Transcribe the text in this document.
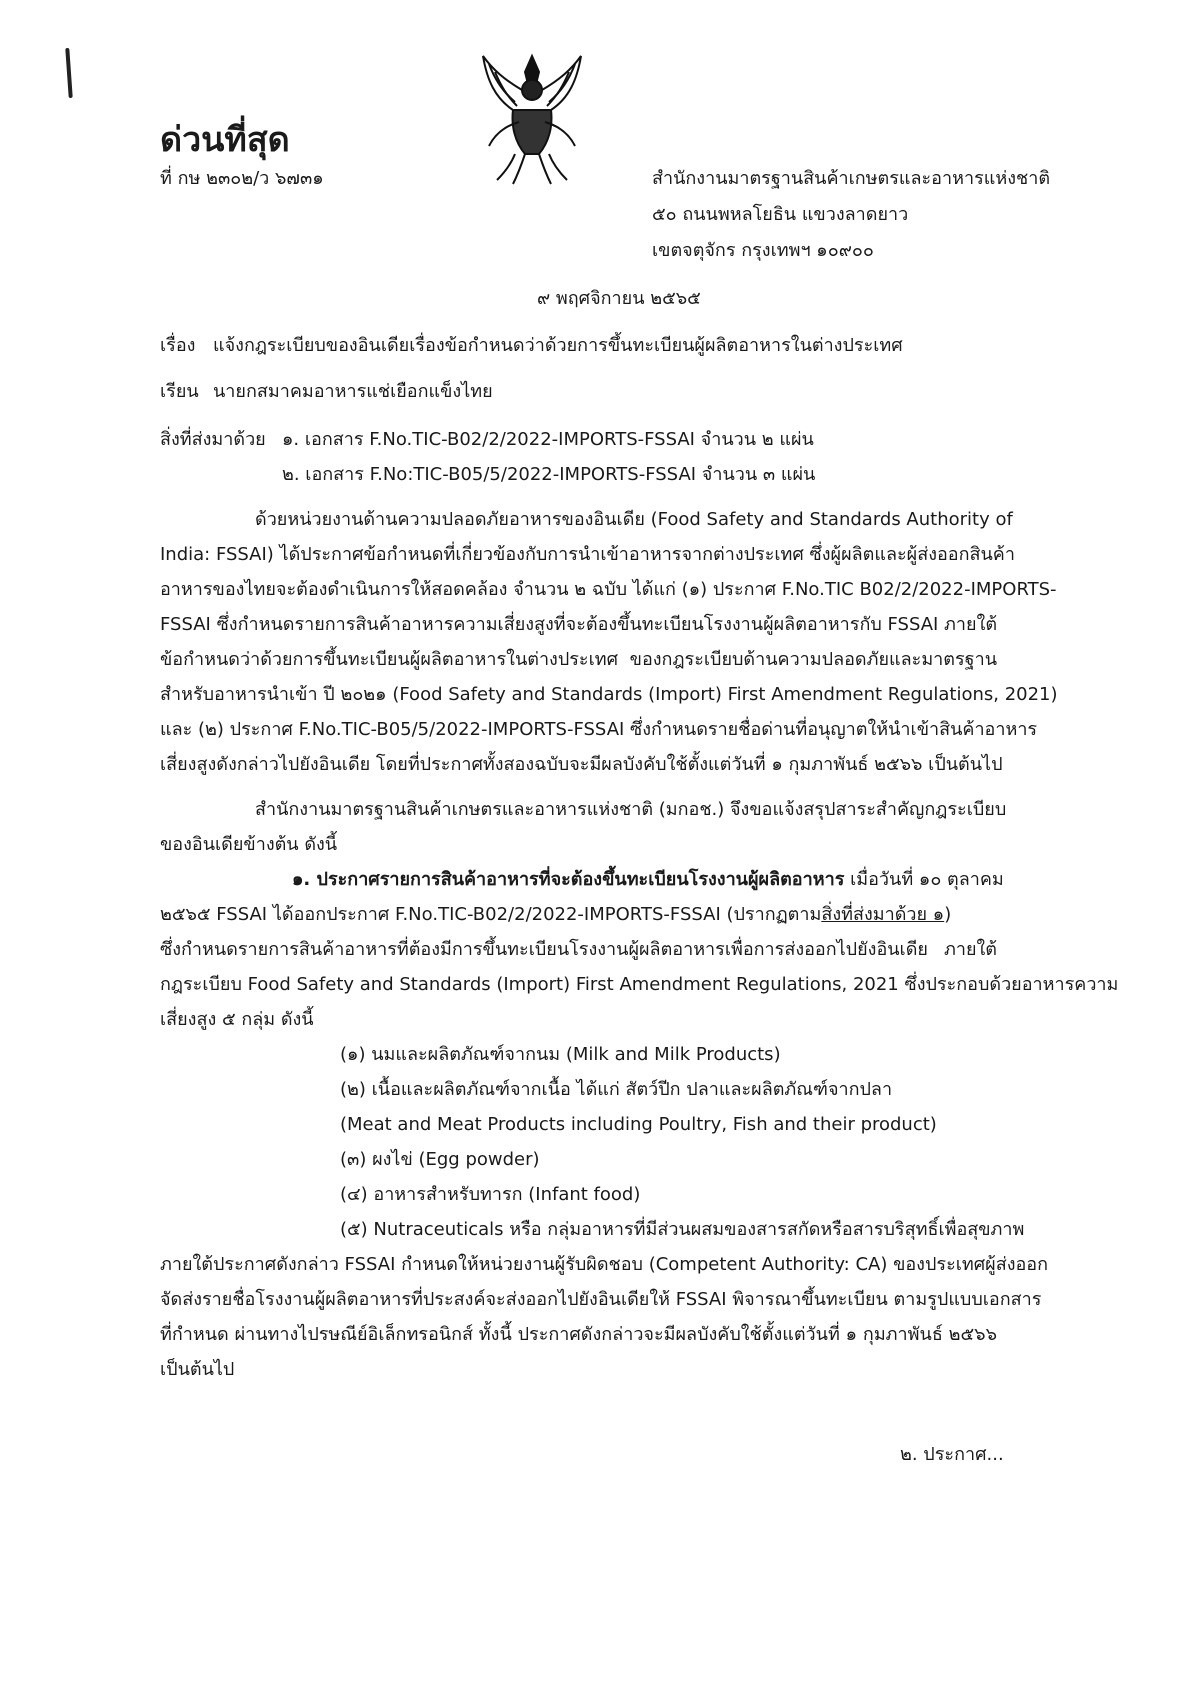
ด่วนที่สุด
ที่ กษ ๒๓๐๒/ว ๖๗๓๑	สำนักงานมาตรฐานสินค้าเกษตรและอาหารแห่งชาติ
๕๐ ถนนพหลโยธิน แขวงลาดยาว
เขตจตุจักร กรุงเทพฯ ๑๐๙๐๐
๙ พฤศจิกายน ๒๕๖๕
เรื่อง แจ้งกฎระเบียบของอินเดียเรื่องข้อกำหนดว่าด้วยการขึ้นทะเบียนผู้ผลิตอาหารในต่างประเทศ
เรียน นายกสมาคมอาหารแช่เยือกแข็งไทย
สิ่งที่ส่งมาด้วย ๑. เอกสาร F.No.TIC-B02/2/2022-IMPORTS-FSSAI จำนวน ๒ แผ่น
๒. เอกสาร F.No:TIC-B05/5/2022-IMPORTS-FSSAI จำนวน ๓ แผ่น
ด้วยหน่วยงานด้านความปลอดภัยอาหารของอินเดีย (Food Safety and Standards Authority of
India: FSSAI) ได้ประกาศข้อกำหนดที่เกี่ยวข้องกับการนำเข้าอาหารจากต่างประเทศ ซึ่งผู้ผลิตและผู้ส่งออกสินค้า
อาหารของไทยจะต้องดำเนินการให้สอดคล้อง จำนวน ๒ ฉบับ ได้แก่ (๑) ประกาศ F.No.TIC B02/2/2022-IMPORTS-
FSSAI ซึ่งกำหนดรายการสินค้าอาหารความเสี่ยงสูงที่จะต้องขึ้นทะเบียนโรงงานผู้ผลิตอาหารกับ FSSAI ภายใต้
ข้อกำหนดว่าด้วยการขึ้นทะเบียนผู้ผลิตอาหารในต่างประเทศ ของกฎระเบียบด้านความปลอดภัยและมาตรฐาน
สำหรับอาหารนำเข้า ปี ๒๐๒๑ (Food Safety and Standards (Import) First Amendment Regulations, 2021)
และ (๒) ประกาศ F.No.TIC-B05/5/2022-IMPORTS-FSSAI ซึ่งกำหนดรายชื่อด่านที่อนุญาตให้นำเข้าสินค้าอาหาร
เสี่ยงสูงดังกล่าวไปยังอินเดีย โดยที่ประกาศทั้งสองฉบับจะมีผลบังคับใช้ตั้งแต่วันที่ ๑ กุมภาพันธ์ ๒๕๖๖ เป็นต้นไป
สำนักงานมาตรฐานสินค้าเกษตรและอาหารแห่งชาติ (มกอช.) จึงขอแจ้งสรุปสาระสำคัญกฎระเบียบ
ของอินเดียข้างต้น ดังนี้
๑. ประกาศรายการสินค้าอาหารที่จะต้องขึ้นทะเบียนโรงงานผู้ผลิตอาหาร เมื่อวันที่ ๑๐ ตุลาคม
๒๕๖๕ FSSAI ได้ออกประกาศ F.No.TIC-B02/2/2022-IMPORTS-FSSAI (ปรากฏตามสิ่งที่ส่งมาด้วย ๑)
ซึ่งกำหนดรายการสินค้าอาหารที่ต้องมีการขึ้นทะเบียนโรงงานผู้ผลิตอาหารเพื่อการส่งออกไปยังอินเดีย ภายใต้
กฎระเบียบ Food Safety and Standards (Import) First Amendment Regulations, 2021 ซึ่งประกอบด้วยอาหารความ
เสี่ยงสูง ๕ กลุ่ม ดังนี้
(๑) นมและผลิตภัณฑ์จากนม (Milk and Milk Products)
(๒) เนื้อและผลิตภัณฑ์จากเนื้อ ได้แก่ สัตว์ปีก ปลาและผลิตภัณฑ์จากปลา
(Meat and Meat Products including Poultry, Fish and their product)
(๓) ผงไข่ (Egg powder)
(๔) อาหารสำหรับทารก (Infant food)
(๕) Nutraceuticals หรือ กลุ่มอาหารที่มีส่วนผสมของสารสกัดหรือสารบริสุทธิ์เพื่อสุขภาพ
ภายใต้ประกาศดังกล่าว FSSAI กำหนดให้หน่วยงานผู้รับผิดชอบ (Competent Authority: CA) ของประเทศผู้ส่งออก
จัดส่งรายชื่อโรงงานผู้ผลิตอาหารที่ประสงค์จะส่งออกไปยังอินเดียให้ FSSAI พิจารณาขึ้นทะเบียน ตามรูปแบบเอกสาร
ที่กำหนด ผ่านทางไปรษณีย์อิเล็กทรอนิกส์ ทั้งนี้ ประกาศดังกล่าวจะมีผลบังคับใช้ตั้งแต่วันที่ ๑ กุมภาพันธ์ ๒๕๖๖
เป็นต้นไป
๒. ประกาศ...
